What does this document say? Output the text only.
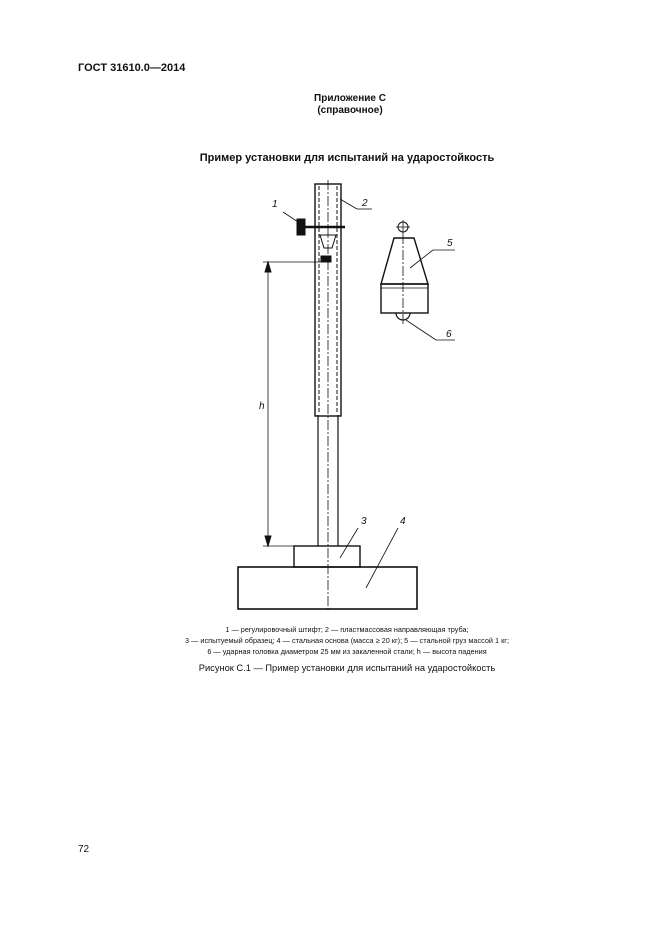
ГОСТ 31610.0—2014
Приложение С
(справочное)
Пример установки для испытаний на ударостойкость
1	2
3	4
5
6
h
1 — регулировочный штифт; 2 — пластмассовая направляющая труба;
3 — испытуемый образец; 4 — стальная основа (масса ≥ 20 кг); 5 — стальной груз массой 1 кг;
6 — ударная головка диаметром 25 мм из закаленной стали; h — высота падения
Рисунок С.1 — Пример установки для испытаний на ударостойкость
72
